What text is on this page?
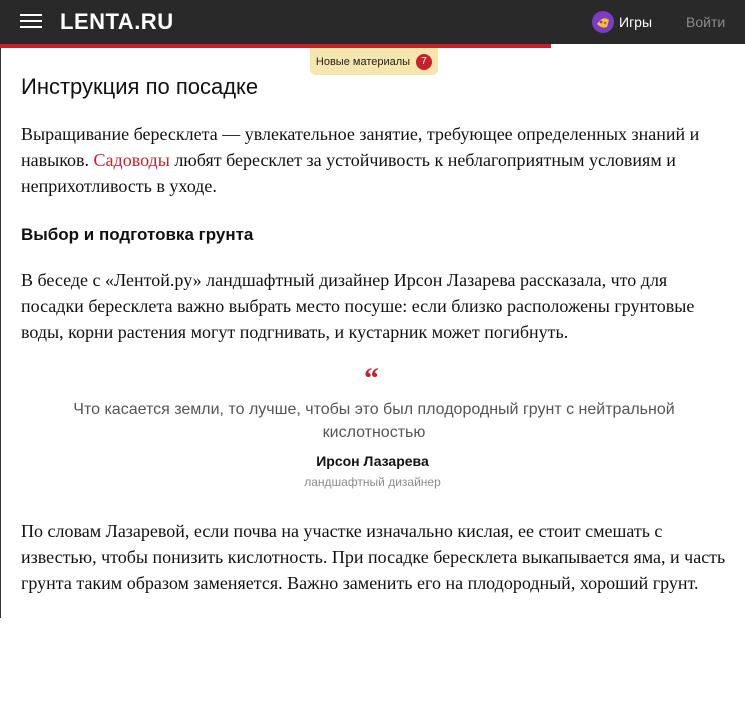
LENTA.RU	Игры Войти
Новые материалы	7
Инструкция по посадке

Выращивание бересклета — увлекательное занятие, требующее определенных знаний и навыков. Садоводы любят бересклет за устойчивость к неблагоприятным условиям и неприхотливость в уходе.

Выбор и подготовка грунта

В беседе с «Лентой.ру» ландшафтный дизайнер Ирсон Лазарева рассказала, что для посадки бересклета важно выбрать место посуше: если близко расположены грунтовые воды, корни растения могут подгнивать, и кустарник может погибнуть.

“
Что касается земли, то лучше, чтобы это был плодородный грунт с нейтральной кислотностью
Ирсон Лазарева
ландшафтный дизайнер

По словам Лазаревой, если почва на участке изначально кислая, ее стоит смешать с известью, чтобы понизить кислотность. При посадке бересклета выкапывается яма, и часть грунта таким образом заменяется. Важно заменить его на плодородный, хороший грунт.
